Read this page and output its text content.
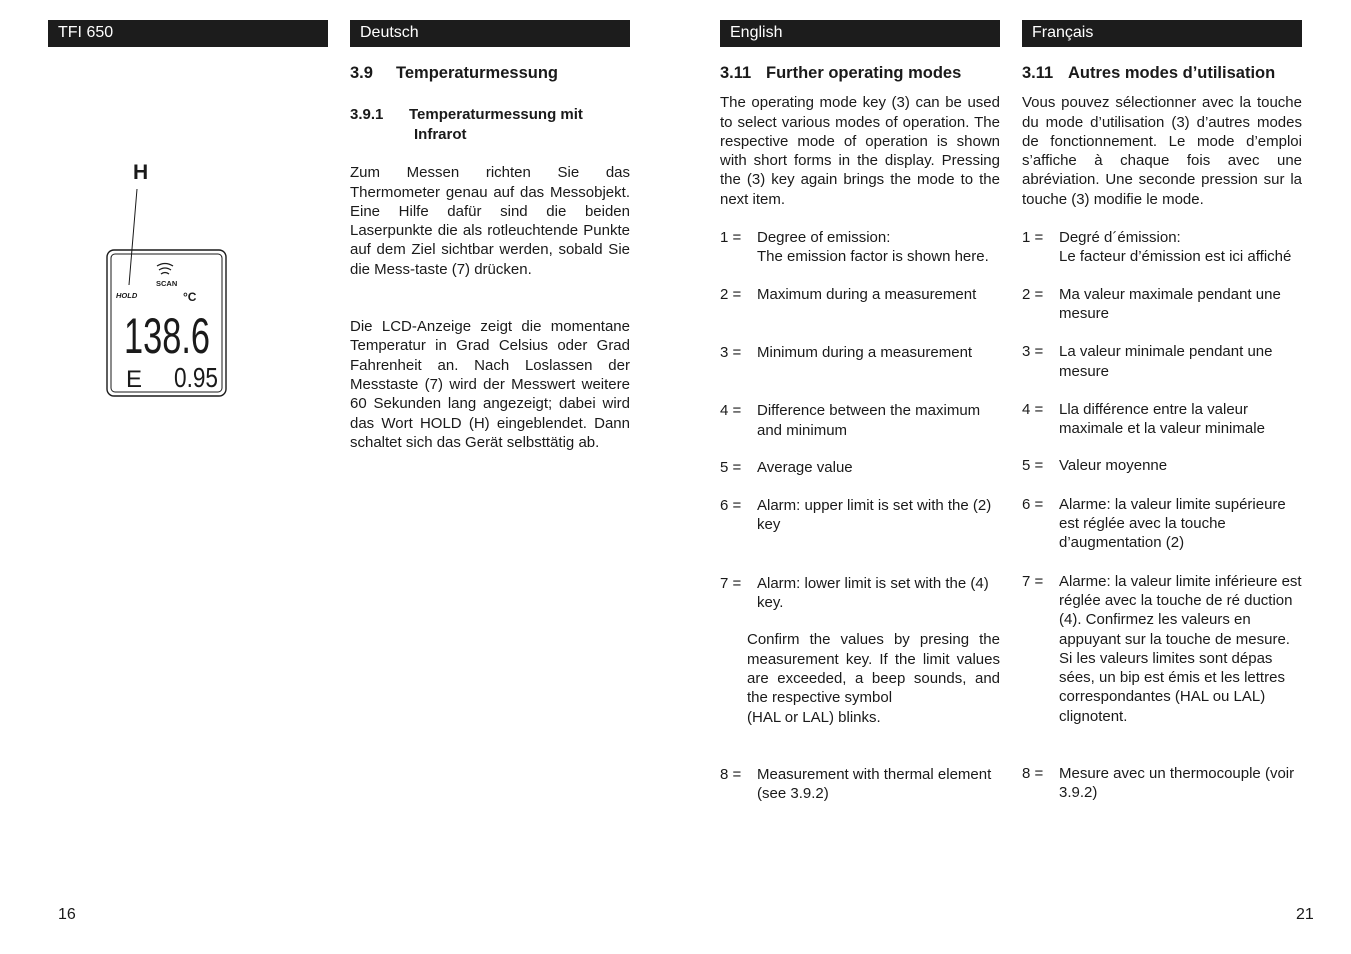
TFI 650	Deutsch	English	Français
H
SCAN
HOLD	°C
138.6
E 0.95
3.9 Temperaturmessung
3.9.1 Temperaturmessung mit
Infrarot

Zum Messen richten Sie das Thermometer genau auf das Messobjekt. Eine Hilfe dafür sind die beiden Laserpunkte die als rotleuchtende Punkte auf dem Ziel sichtbar werden, sobald Sie die Mess-taste (7) drücken.

Die LCD-Anzeige zeigt die momentane Temperatur in Grad Celsius oder Grad Fahrenheit an. Nach Loslassen der Messtaste (7) wird der Messwert weitere 60 Sekunden lang angezeigt; dabei wird das Wort HOLD (H) eingeblendet. Dann schaltet sich das Gerät selbsttätig ab.

3.11 Further operating modes

The operating mode key (3) can be used to select various modes of operation. The respective mode of operation is shown with short forms in the display. Pressing the (3) key again brings the mode to the next item.

1 = Degree of emission:
The emission factor is shown here.
2 = Maximum during a measurement
3 = Minimum during a measurement
4 = Difference between the maximum and minimum
5 = Average value
6 = Alarm: upper limit is set with the (2) key
7 = Alarm: lower limit is set with the (4) key.
Confirm the values by presing the measurement key. If the limit values are exceeded, a beep sounds, and the respective symbol
(HAL or LAL) blinks.
8 = Measurement with thermal element (see 3.9.2)
3.11 Autres modes d’utilisation

Vous pouvez sélectionner avec la touche du mode d’utilisation (3) d’autres modes de fonctionnement. Le mode d’emploi s’affiche à chaque fois avec une abréviation. Une seconde pression sur la touche (3) modifie le mode.

1 = Degré d´émission:
Le facteur d’émission est ici affiché
2 = Ma valeur maximale pendant une mesure
3 = La valeur minimale pendant une mesure
4 = Lla différence entre la valeur maximale et la valeur minimale
5 = Valeur moyenne
6 = Alarme: la valeur limite supérieure est réglée avec la touche d’augmentation (2)
7 = Alarme: la valeur limite inférieure est réglée avec la touche de ré duction (4). Confirmez les valeurs en appuyant sur la touche de mesure.
Si les valeurs limites sont dépas sées, un bip est émis et les lettres correspondantes (HAL ou LAL) clignotent.
8 = Mesure avec un thermocouple (voir 3.9.2)
16	21
